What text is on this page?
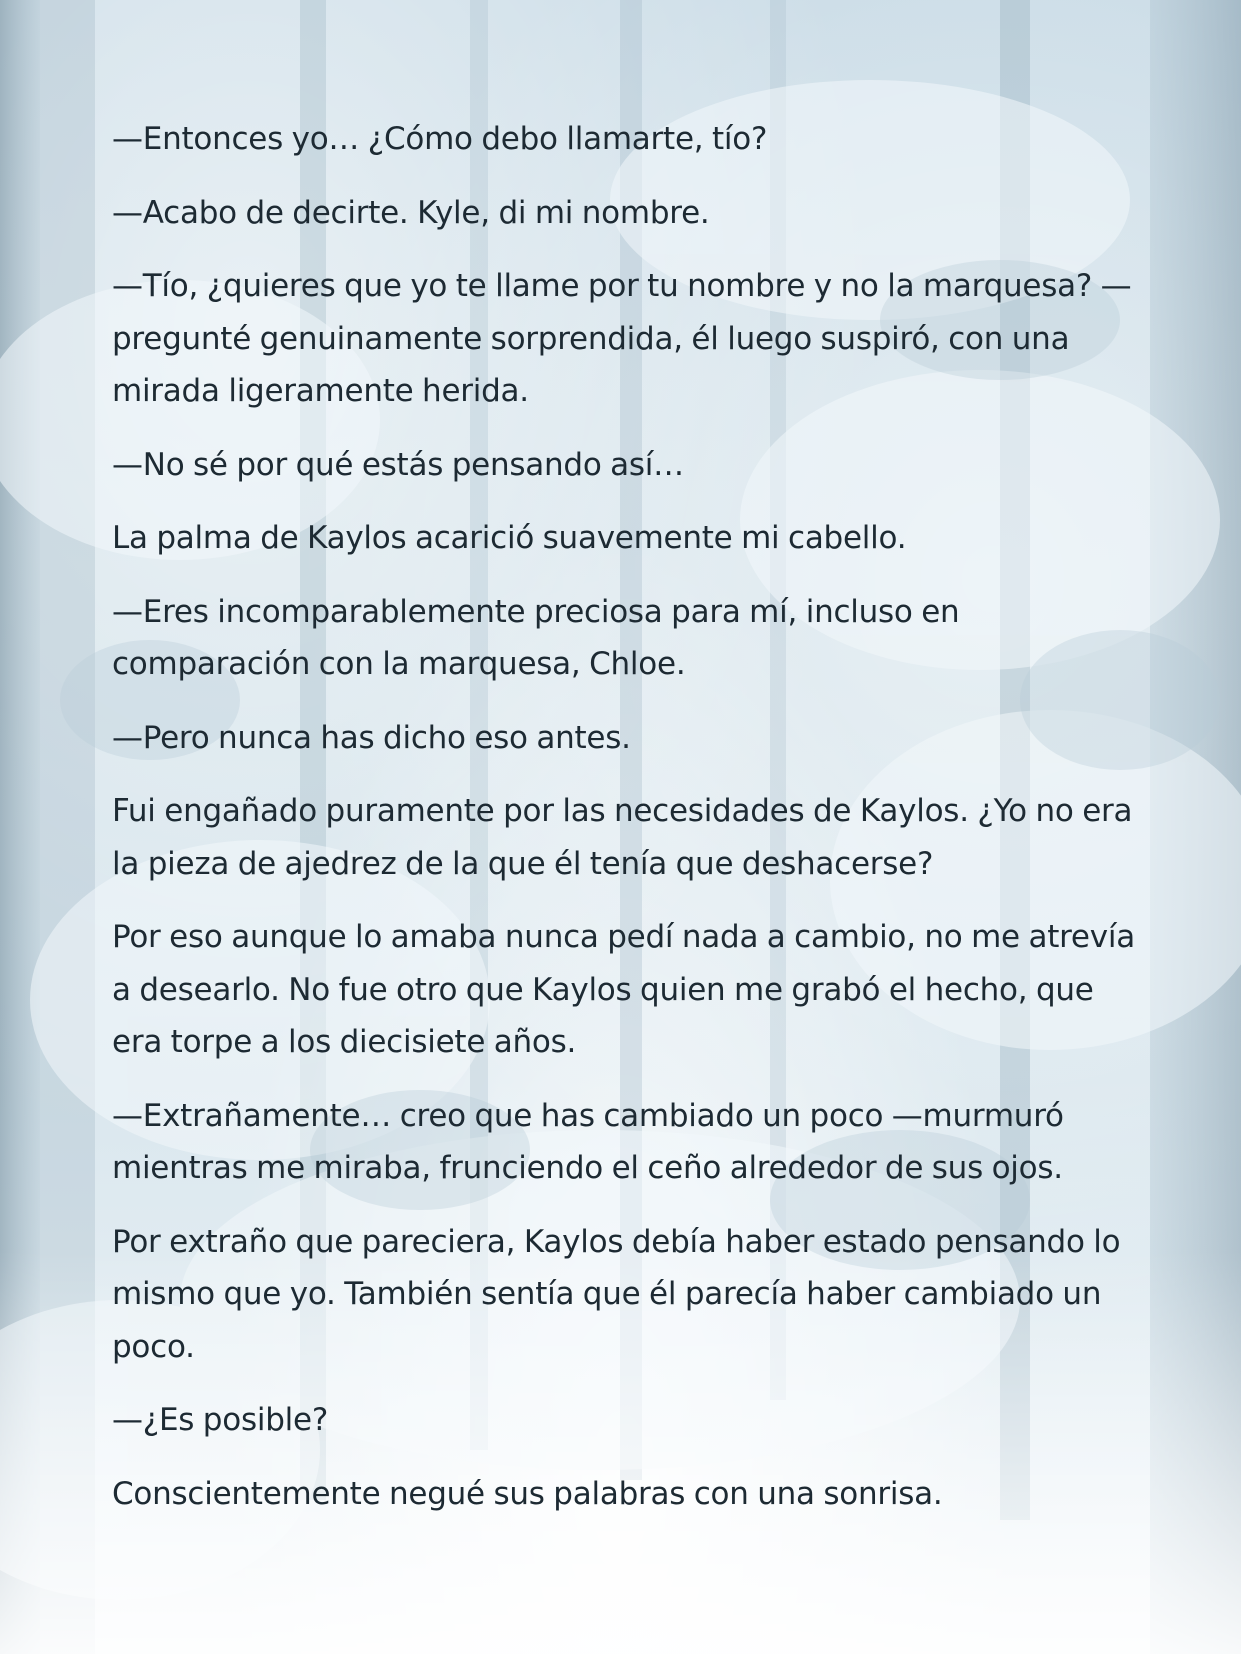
—Entonces yo… ¿Cómo debo llamarte, tío?

—Acabo de decirte. Kyle, di mi nombre.

—Tío, ¿quieres que yo te llame por tu nombre y no la marquesa? —pregunté genuinamente sorprendida, él luego suspiró, con una mirada ligeramente herida.

—No sé por qué estás pensando así…

La palma de Kaylos acarició suavemente mi cabello.

—Eres incomparablemente preciosa para mí, incluso en comparación con la marquesa, Chloe.

—Pero nunca has dicho eso antes.

Fui engañado puramente por las necesidades de Kaylos. ¿Yo no era la pieza de ajedrez de la que él tenía que deshacerse?

Por eso aunque lo amaba nunca pedí nada a cambio, no me atrevía a desearlo. No fue otro que Kaylos quien me grabó el hecho, que era torpe a los diecisiete años.

—Extrañamente… creo que has cambiado un poco —murmuró mientras me miraba, frunciendo el ceño alrededor de sus ojos.

Por extraño que pareciera, Kaylos debía haber estado pensando lo mismo que yo. También sentía que él parecía haber cambiado un poco.

—¿Es posible?

Conscientemente negué sus palabras con una sonrisa.
